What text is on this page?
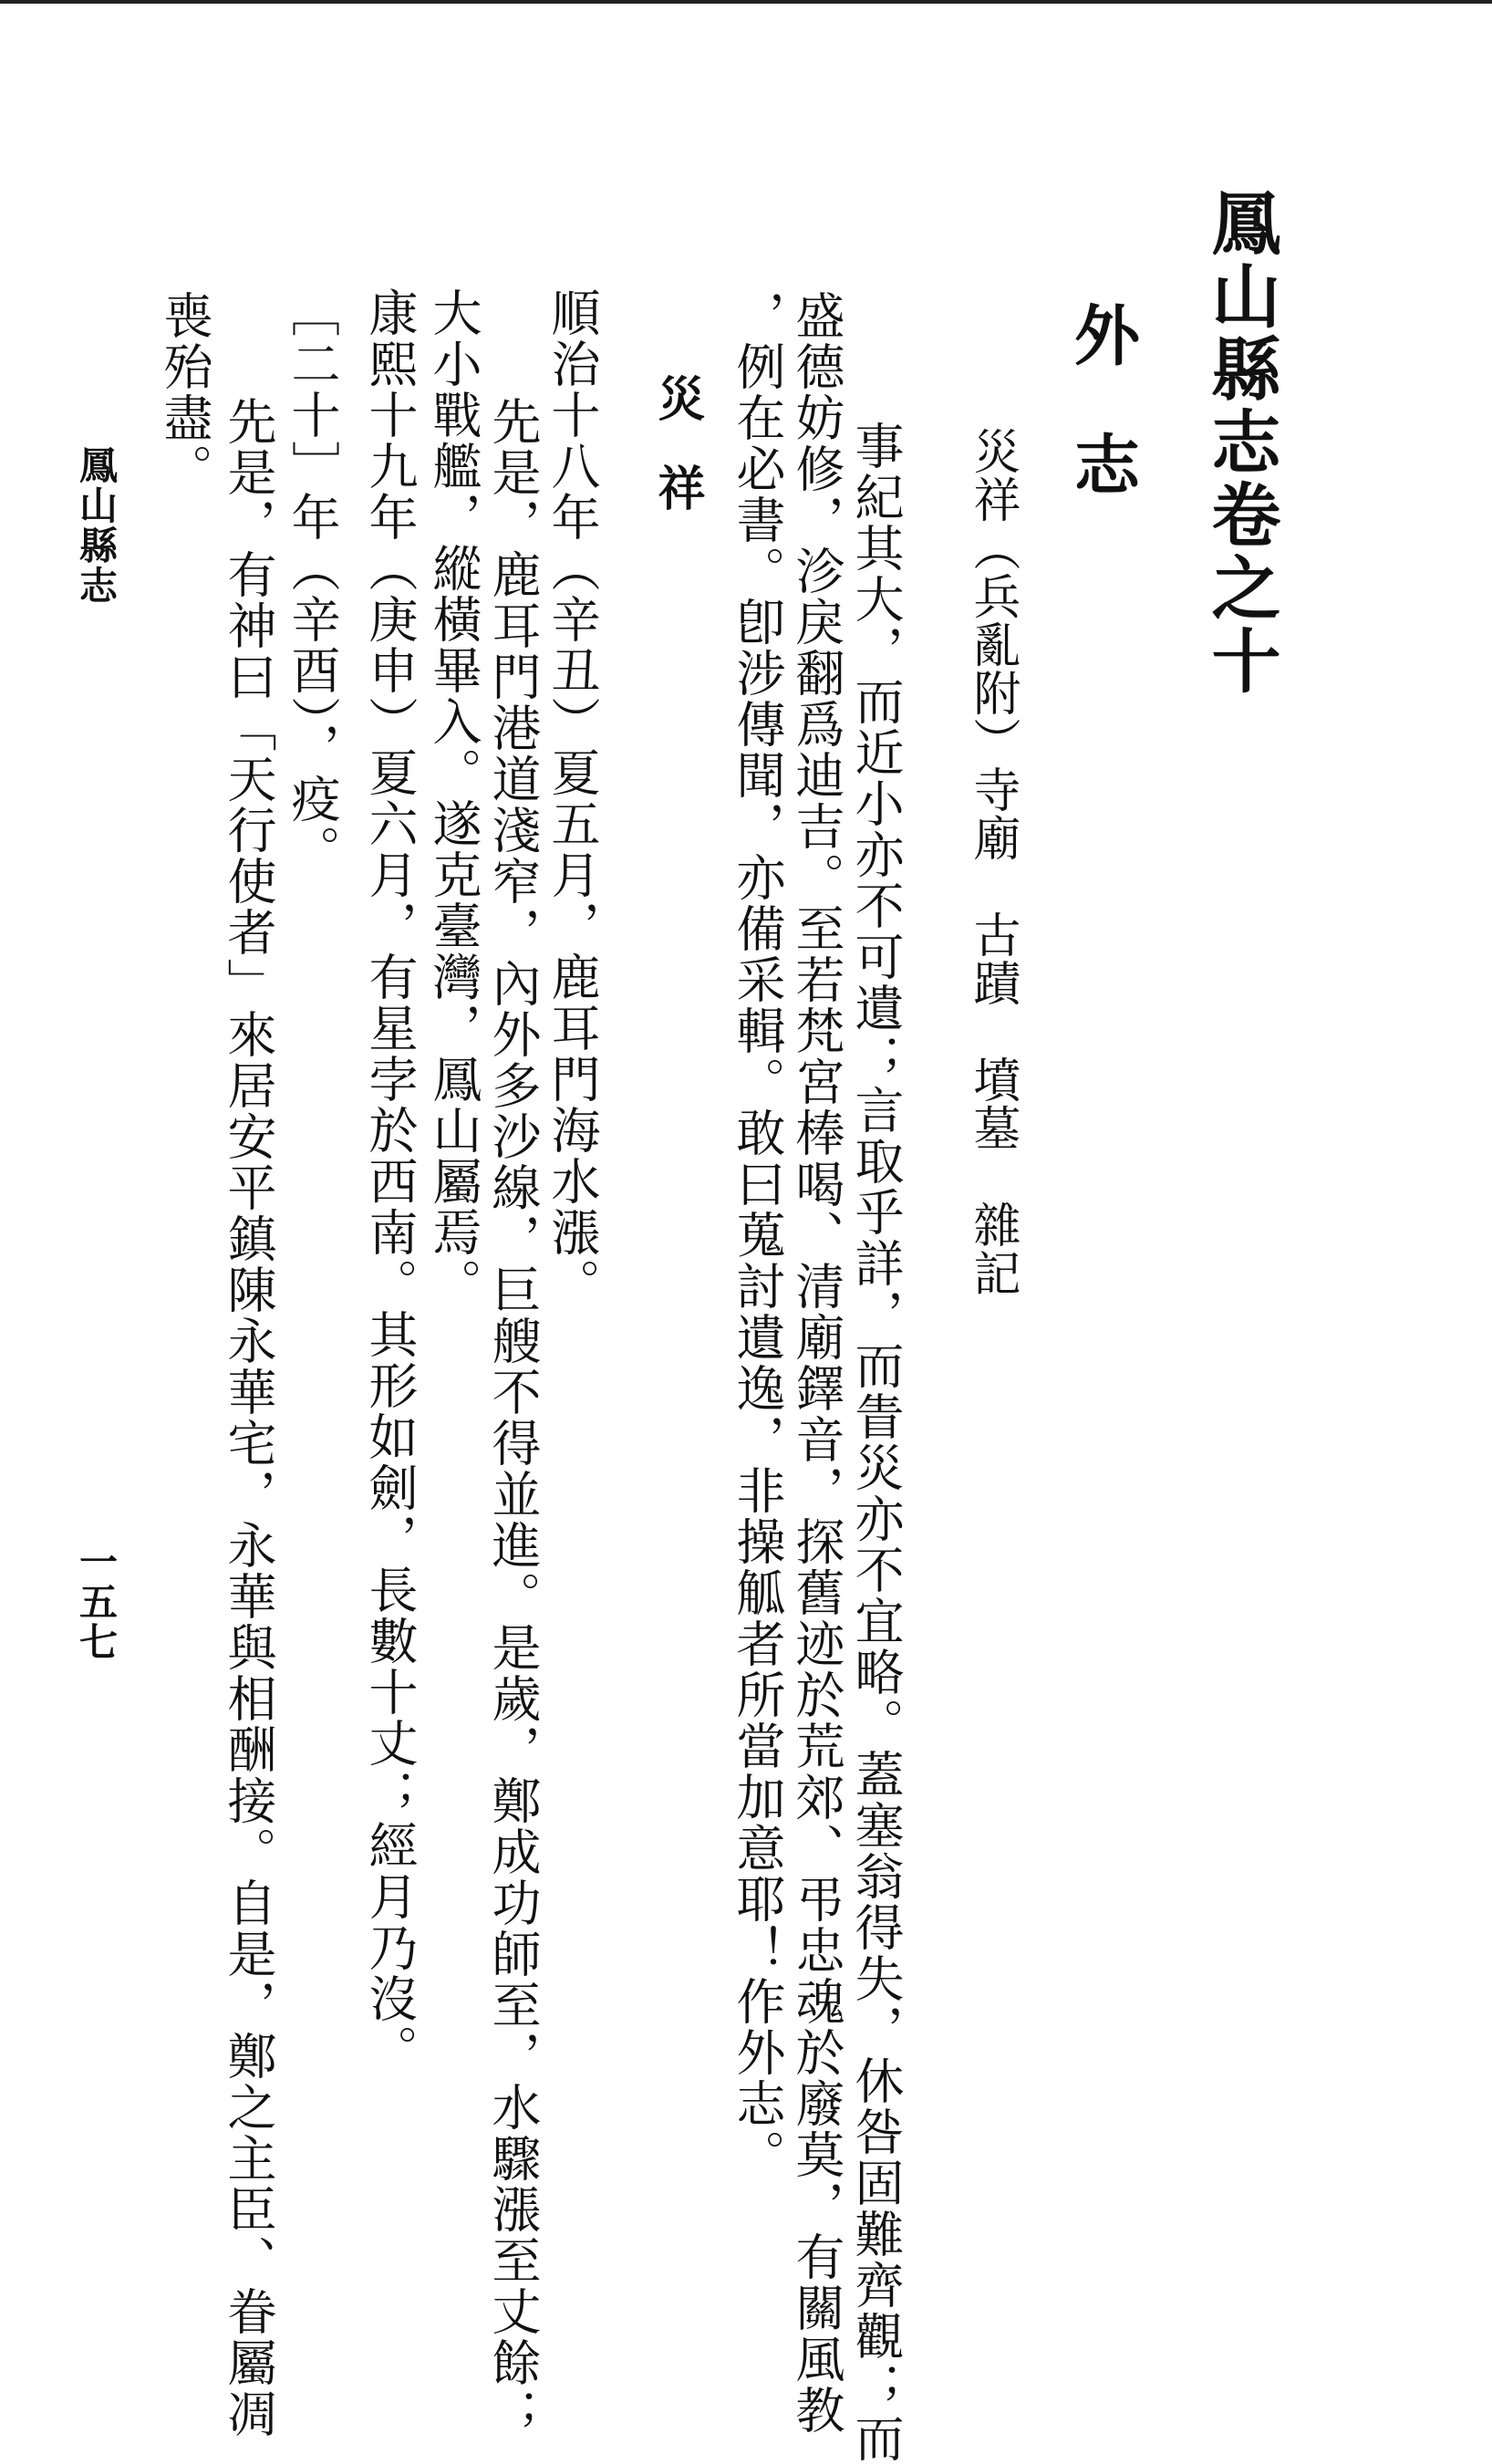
鳳山縣志卷之十
外志
災祥（兵亂附）寺廟　古蹟　墳墓　雜記
　事紀其大，而近小亦不可遺；言取乎詳，而眚災亦不宜略。蓋塞翁得失，休咎固難齊觀；而
盛德妨修，沴戾翻爲迪吉。至若梵宮棒喝、清廟鐸音，探舊迹於荒郊、弔忠魂於廢莫，有關風教
，例在必書。卽涉傳聞，亦備采輯。敢曰蒐討遺逸，非操觚者所當加意耶！作外志。
災祥
順治十八年（辛丑）夏五月，鹿耳門海水漲。
　先是，鹿耳門港道淺窄，內外多沙線，巨艘不得並進。是歲，鄭成功師至，水驟漲至丈餘；
大小戰艦，縱橫畢入。遂克臺灣，鳳山屬焉。
康熙十九年（庚申）夏六月，有星孛於西南。其形如劍，長數十丈；經月乃沒。
［二十］年（辛酉），疫。
　先是，有神曰「天行使者」來居安平鎮陳永華宅，永華與相酬接。自是，鄭之主臣、眷屬凋
喪殆盡。
鳳山縣志
一五七
